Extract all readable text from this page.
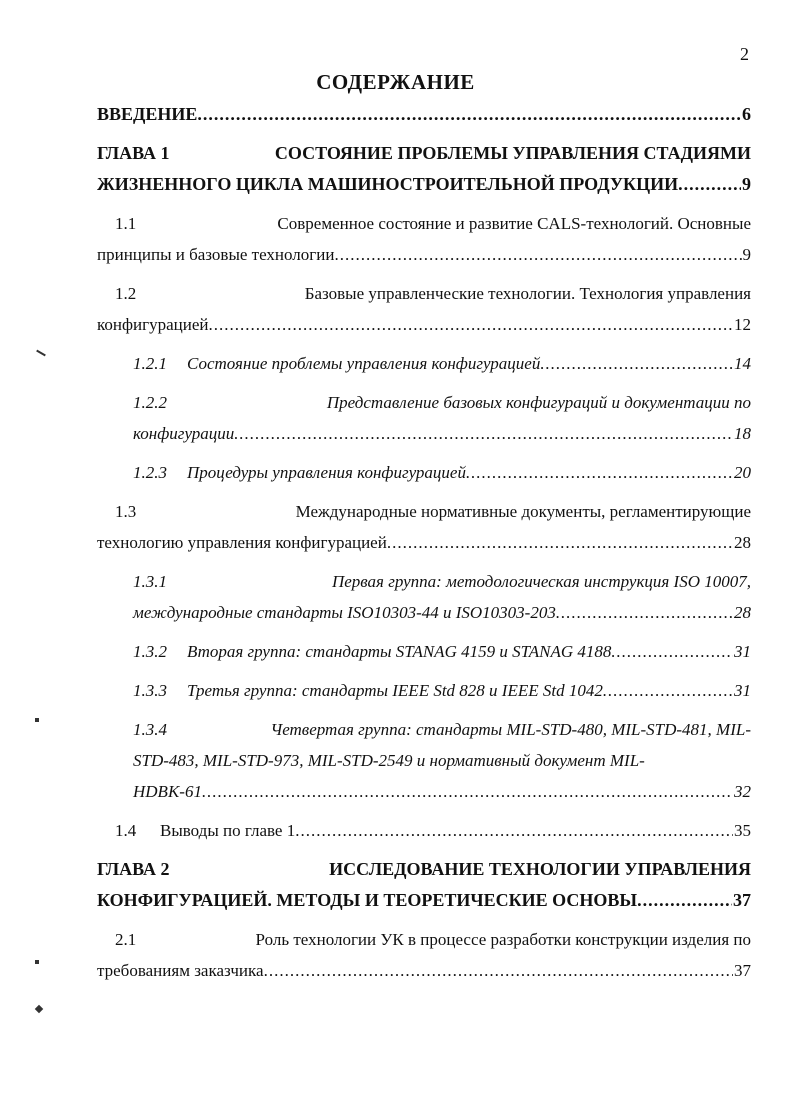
2
СОДЕРЖАНИЕ
ВВЕДЕНИЕ .....	6
ГЛАВА 1	СОСТОЯНИЕ ПРОБЛЕМЫ УПРАВЛЕНИЯ СТАДИЯМИ
ЖИЗНЕННОГО ЦИКЛА МАШИНОСТРОИТЕЛЬНОЙ ПРОДУКЦИИ .....	9
1.1	Современное состояние и развитие CALS-технологий. Основные
принципы и базовые технологии .....	9
1.2	Базовые управленческие технологии. Технология управления
конфигурацией .....	12
1.2.1	Состояние проблемы управления конфигурацией .....	14
1.2.2	Представление базовых конфигураций и документации по
конфигурации .....	18
1.2.3	Процедуры управления конфигурацией .....	20
1.3	Международные нормативные документы, регламентирующие
технологию управления конфигурацией .....	28
1.3.1	Первая группа: методологическая инструкция ISO 10007,
международные стандарты ISO10303-44 и ISO10303-203 .....	28
1.3.2	Вторая группа: стандарты STANAG 4159 и STANAG 4188 .....	31
1.3.3	Третья группа: стандарты IEEE Std 828 и IEEE Std 1042 .....	31
1.3.4	Четвертая группа: стандарты MIL-STD-480, MIL-STD-481, MIL-
STD-483, MIL-STD-973, MIL-STD-2549 и нормативный документ MIL-
HDBK-61 .....	32
1.4	Выводы по главе 1 .....	35
ГЛАВА 2	ИССЛЕДОВАНИЕ ТЕХНОЛОГИИ УПРАВЛЕНИЯ
КОНФИГУРАЦИЕЙ. МЕТОДЫ И ТЕОРЕТИЧЕСКИЕ ОСНОВЫ .....	37
2.1	Роль технологии УК в процессе разработки конструкции изделия по
требованиям заказчика .....	37
